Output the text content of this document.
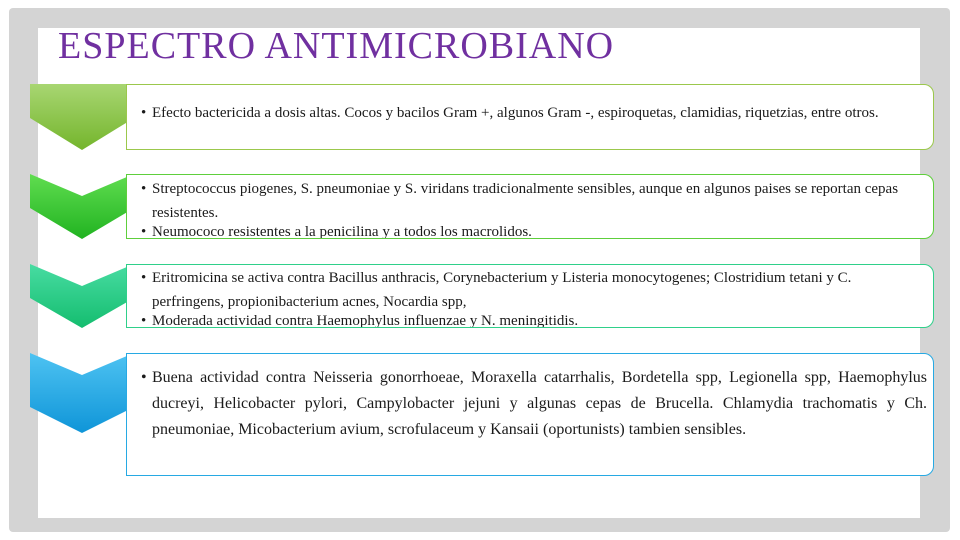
ESPECTRO ANTIMICROBIANO
• Efecto bactericida a dosis altas. Cocos y bacilos Gram +, algunos Gram -, espiroquetas, clamidias, riquetzias, entre otros.
• Streptococcus piogenes, S. pneumoniae y S. viridans tradicionalmente sensibles, aunque en algunos paises se reportan cepas resistentes.
• Neumococo resistentes a la penicilina y a todos los macrolidos.
• Eritromicina se activa contra Bacillus anthracis, Corynebacterium y Listeria monocytogenes; Clostridium tetani y C. perfringens, propionibacterium acnes, Nocardia spp,
• Moderada actividad contra Haemophylus influenzae y N. meningitidis.
• Buena actividad contra Neisseria gonorrhoeae, Moraxella catarrhalis, Bordetella spp, Legionella spp, Haemophylus ducreyi, Helicobacter pylori, Campylobacter jejuni y algunas cepas de Brucella. Chlamydia trachomatis y Ch. pneumoniae, Micobacterium avium, scrofulaceum y Kansaii (oportunists) tambien sensibles.
